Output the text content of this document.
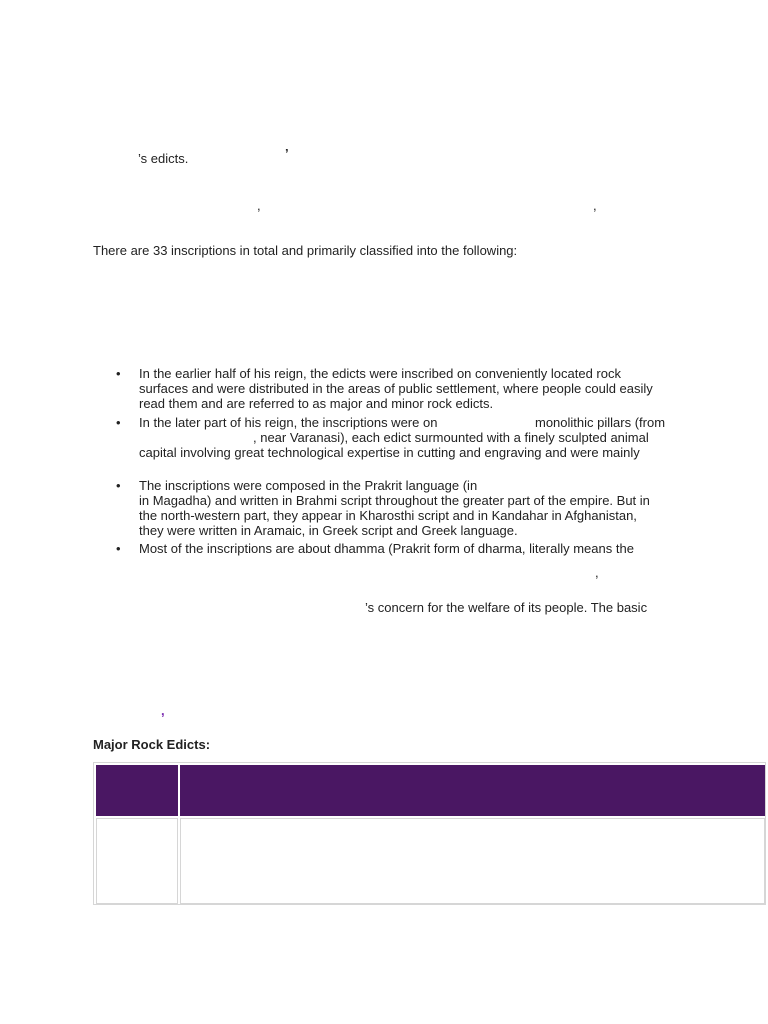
’s edicts.	’
,	,
There are 33 inscriptions in total and primarily classified into the following:
• In the earlier half of his reign, the edicts were inscribed on conveniently located rock
surfaces and were distributed in the areas of public settlement, where people could easily
read them and are referred to as major and minor rock edicts.
• In the later part of his reign, the inscriptions were on	monolithic pillars (from
, near Varanasi), each edict surmounted with a finely sculpted animal
capital involving great technological expertise in cutting and engraving and were mainly
• The inscriptions were composed in the Prakrit language (in
in Magadha) and written in Brahmi script throughout the greater part of the empire. But in
the north-western part, they appear in Kharosthi script and in Kandahar in Afghanistan,
they were written in Aramaic, in Greek script and Greek language.
• Most of the inscriptions are about dhamma (Prakrit form of dharma, literally means the
,
’s concern for the welfare of its people. The basic
,
Major Rock Edicts:
